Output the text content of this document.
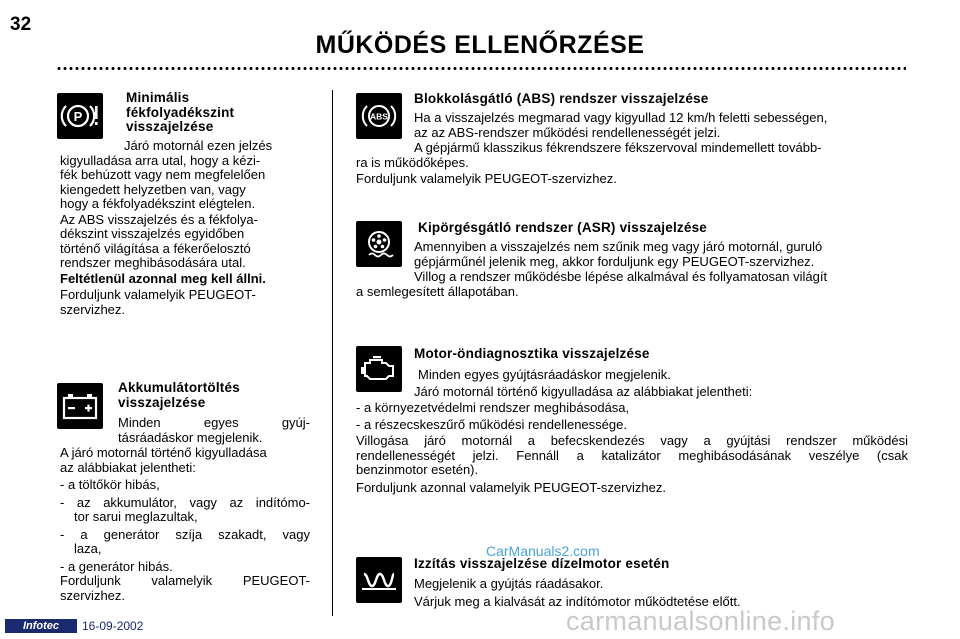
32
MŰKÖDÉS ELLENŐRZÉSE
P

Minimális

fékfolyadékszint

visszajelzése

Járó motornál ezen jelzés

kigyulladása arra utal, hogy a kézi-

fék behúzott vagy nem megfelelően

kiengedett helyzetben van, vagy

hogy a fékfolyadékszint elégtelen.

Az ABS visszajelzés és a fékfolya-

dékszint visszajelzés egyidőben

történő világítása a fékerőelosztó

rendszer meghibásodására utal.

Feltétlenül azonnal meg kell állni.

Forduljunk valamelyik PEUGEOT-

szervizhez.

Akkumulátortöltés

visszajelzése

Minden egyes gyúj-

tásráadáskor megjelenik.

A járó motornál történő kigyulladása

az alábbiakat jelentheti:

- a töltőkör hibás,

- az akkumulátor, vagy az indítómo-

tor sarui meglazultak,

- a generátor szíja szakadt, vagy

laza,

- a generátor hibás.

Forduljunk valamelyik PEUGEOT-

szervizhez.

ABS
Blokkolásgátló (ABS) rendszer visszajelzése

Ha a visszajelzés megmarad vagy kigyullad 12 km/h feletti sebességen,

az az ABS-rendszer működési rendellenességét jelzi.

A gépjármű klasszikus fékrendszere fékszervoval mindemellett tovább-

ra is működőképes.

Forduljunk valamelyik PEUGEOT-szervizhez.

Kipörgésgátló rendszer (ASR) visszajelzése

Amennyiben a visszajelzés nem szűnik meg vagy járó motornál, guruló

gépjárműnél jelenik meg, akkor forduljunk egy PEUGEOT-szervizhez.

Villog a rendszer működésbe lépése alkalmával és follyamatosan világít

a semlegesített állapotában.

Motor-öndiagnosztika visszajelzése

Minden egyes gyújtásráadáskor megjelenik.

Járó motornál történő kigyulladása az alábbiakat jelentheti:

- a környezetvédelmi rendszer meghibásodása,

- a részecskeszűrő működési rendellenessége.

Villogása járó motornál a befecskendezés vagy a gyújtási rendszer működési

rendellenességét jelzi. Fennáll a katalizátor meghibásodásának veszélye (csak

benzinmotor esetén).

Forduljunk azonnal valamelyik PEUGEOT-szervizhez.

Izzítás visszajelzése dízelmotor esetén

Megjelenik a gyújtás ráadásakor.

Várjuk meg a kialvását az indítómotor működtetése előtt.

CarManuals2.com
carmanualsonline.info
Infotec	16-09-2002
